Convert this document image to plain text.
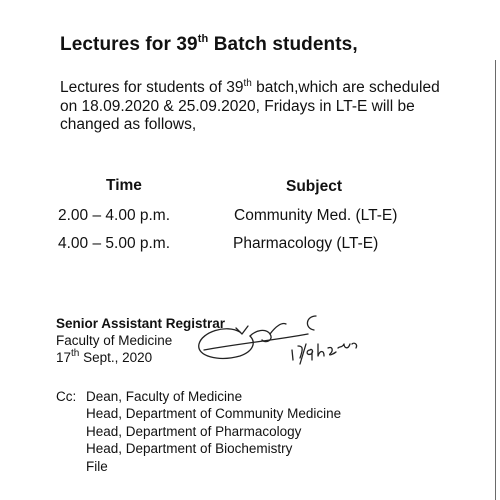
Lectures for 39th Batch students,
Lectures for students of 39th batch,which are scheduled
on 18.09.2020 & 25.09.2020, Fridays in LT-E will be
changed as follows,
Time	Subject
2.00 – 4.00 p.m.	Community Med. (LT-E)
4.00 – 5.00 p.m.	Pharmacology (LT-E)
Senior Assistant Registrar
Faculty of Medicine
17th Sept., 2020
Cc: Dean, Faculty of Medicine
Head, Department of Community Medicine
Head, Department of Pharmacology
Head, Department of Biochemistry
File
